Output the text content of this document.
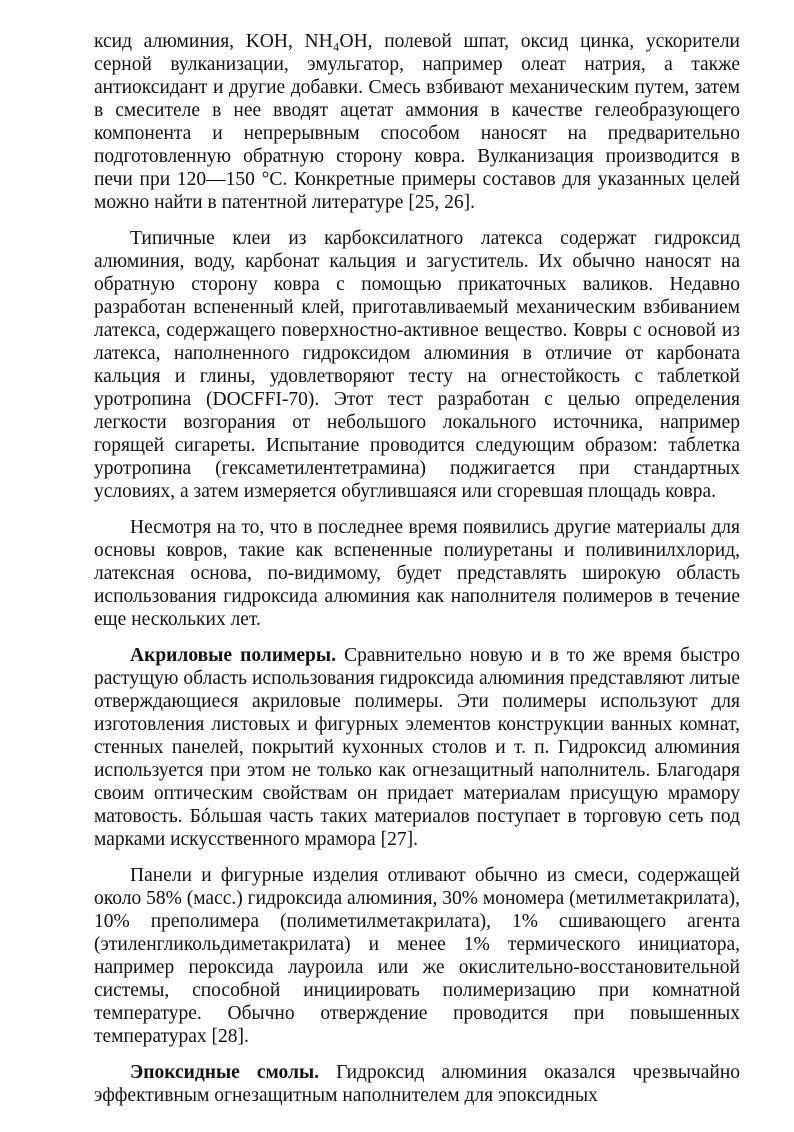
ксид алюминия, KOH, NH₄OH, полевой шпат, оксид цинка, ускорители серной вулканизации, эмульгатор, например олеат натрия, а также антиоксидант и другие добавки. Смесь взбивают механическим путем, затем в смесителе в нее вводят ацетат аммония в качестве гелеобразующего компонента и непрерывным способом наносят на предварительно подготовленную обратную сторону ковра. Вулканизация производится в печи при 120—150 °С. Конкретные примеры составов для указанных целей можно найти в патентной литературе [25, 26].

Типичные клеи из карбоксилатного латекса содержат гидроксид алюминия, воду, карбонат кальция и загуститель. Их обычно наносят на обратную сторону ковра с помощью прикаточных валиков. Недавно разработан вспененный клей, приготавливаемый механическим взбиванием латекса, содержащего поверхностно-активное вещество. Ковры с основой из латекса, наполненного гидроксидом алюминия в отличие от карбоната кальция и глины, удовлетворяют тесту на огнестойкость с таблеткой уротропина (DOCFFI-70). Этот тест разработан с целью определения легкости возгорания от небольшого локального источника, например горящей сигареты. Испытание проводится следующим образом: таблетка уротропина (гексаметилентетрамина) поджигается при стандартных условиях, а затем измеряется обуглившаяся или сгоревшая площадь ковра.

Несмотря на то, что в последнее время появились другие материалы для основы ковров, такие как вспененные полиуретаны и поливинилхлорид, латексная основа, по-видимому, будет представлять широкую область использования гидроксида алюминия как наполнителя полимеров в течение еще нескольких лет.

Акриловые полимеры. Сравнительно новую и в то же время быстро растущую область использования гидроксида алюминия представляют литые отверждающиеся акриловые полимеры. Эти полимеры используют для изготовления листовых и фигурных элементов конструкции ванных комнат, стенных панелей, покрытий кухонных столов и т. п. Гидроксид алюминия используется при этом не только как огнезащитный наполнитель. Благодаря своим оптическим свойствам он придает материалам присущую мрамору матовость. Бóльшая часть таких материалов поступает в торговую сеть под марками искусственного мрамора [27].

Панели и фигурные изделия отливают обычно из смеси, содержащей около 58% (масс.) гидроксида алюминия, 30% мономера (метилметакрилата), 10% преполимера (полиметилметакрилата), 1% сшивающего агента (этиленгликольдиметакрилата) и менее 1% термического инициатора, например пероксида лауроила или же окислительно-восстановительной системы, способной инициировать полимеризацию при комнатной температуре. Обычно отверждение проводится при повышенных температурах [28].

Эпоксидные смолы. Гидроксид алюминия оказался чрезвычайно эффективным огнезащитным наполнителем для эпоксидных
